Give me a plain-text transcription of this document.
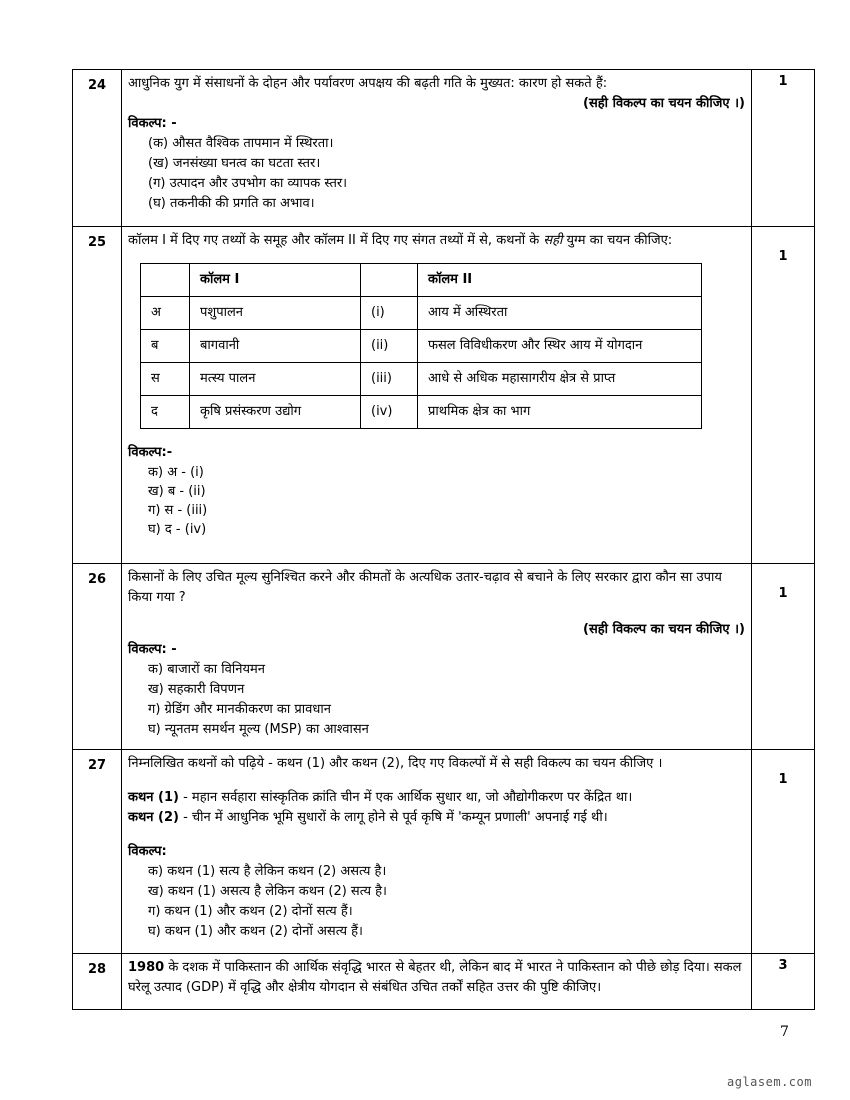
24	आधुनिक युग में संसाधनों के दोहन और पर्यावरण अपक्षय की बढ़ती गति के मुख्यत: कारण हो सकते हैं:
(सही विकल्प का चयन कीजिए ।)
विकल्प: -
(क) औसत वैश्विक तापमान में स्थिरता।
(ख) जनसंख्या घनत्व का घटता स्तर।
(ग) उत्पादन और उपभोग का व्यापक स्तर।
(घ) तकनीकी की प्रगति का अभाव।
	1
25	कॉलम I में दिए गए तथ्यों के समूह और कॉलम II में दिए गए संगत तथ्यों में से, कथनों के सही युग्म का चयन कीजिए:
	कॉलम I		कॉलम II
अ	पशुपालन	(i)	आय में अस्थिरता
ब	बागवानी	(ii)	फसल विविधीकरण और स्थिर आय में योगदान
स	मत्स्य पालन	(iii)	आधे से अधिक महासागरीय क्षेत्र से प्राप्त
द	कृषि प्रसंस्करण उद्योग	(iv)	प्राथमिक क्षेत्र का भाग
विकल्प:-
क) अ - (i)
ख) ब - (ii)
ग) स - (iii)
घ) द - (iv)
	1
26	किसानों के लिए उचित मूल्य सुनिश्चित करने और कीमतों के अत्यधिक उतार-चढ़ाव से बचाने के लिए सरकार द्वारा कौन सा उपाय किया गया ?
(सही विकल्प का चयन कीजिए ।)
विकल्प: -
क) बाजारों का विनियमन
ख) सहकारी विपणन
ग) ग्रेडिंग और मानकीकरण का प्रावधान
घ) न्यूनतम समर्थन मूल्य (MSP) का आश्वासन
	1
27	निम्नलिखित कथनों को पढ़िये - कथन (1) और कथन (2), दिए गए विकल्पों में से सही विकल्प का चयन कीजिए ।
कथन (1) - महान सर्वहारा सांस्कृतिक क्रांति चीन में एक आर्थिक सुधार था, जो औद्योगीकरण पर केंद्रित था।
कथन (2) - चीन में आधुनिक भूमि सुधारों के लागू होने से पूर्व कृषि में 'कम्यून प्रणाली' अपनाई गई थी।
विकल्प:
क) कथन (1) सत्य है लेकिन कथन (2) असत्य है।
ख) कथन (1) असत्य है लेकिन कथन (2) सत्य है।
ग) कथन (1) और कथन (2) दोनों सत्य हैं।
घ) कथन (1) और कथन (2) दोनों असत्य हैं।
	1
28	1980 के दशक में पाकिस्तान की आर्थिक संवृद्धि भारत से बेहतर थी, लेकिन बाद में भारत ने पाकिस्तान को पीछे छोड़ दिया। सकल घरेलू उत्पाद (GDP) में वृद्धि और क्षेत्रीय योगदान से संबंधित उचित तर्कों सहित उत्तर की पुष्टि कीजिए।
	3
7
aglasem.com
